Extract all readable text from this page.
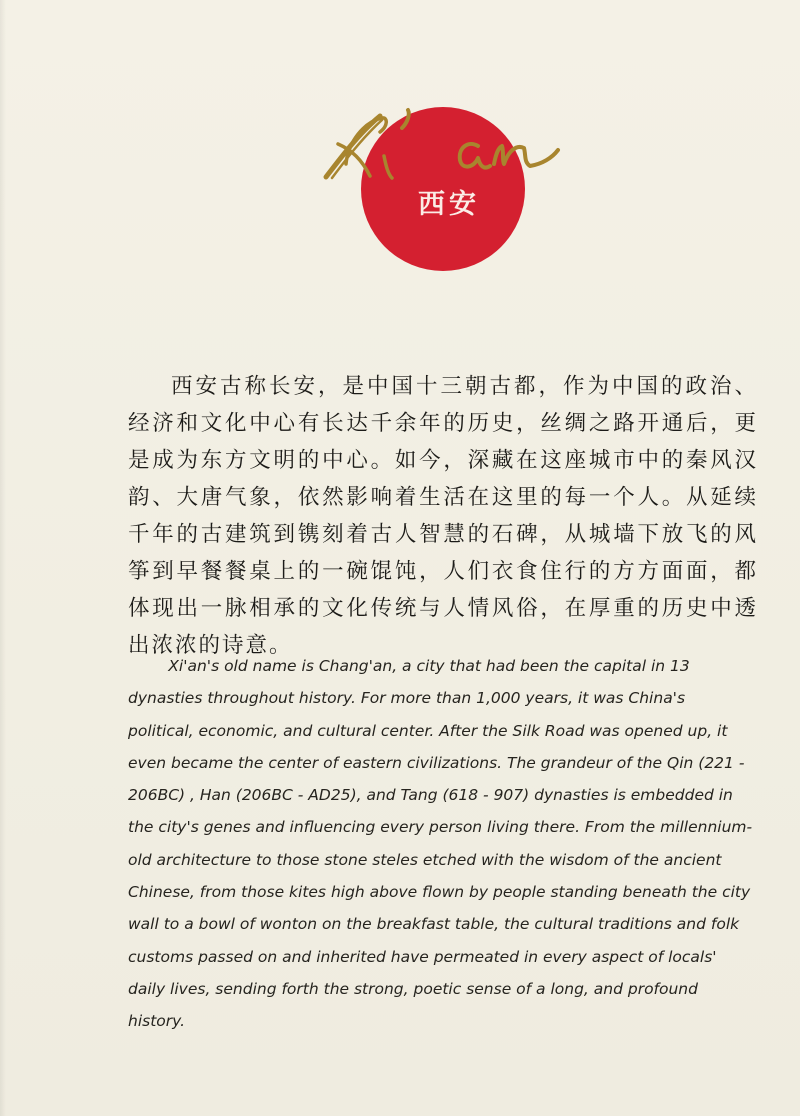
西安

西安古称长安，是中国十三朝古都，作为中国的政治、经济和文化中心有长达千余年的历史，丝绸之路开通后，更是成为东方文明的中心。如今，深藏在这座城市中的秦风汉韵、大唐气象，依然影响着生活在这里的每一个人。从延续千年的古建筑到镌刻着古人智慧的石碑，从城墙下放飞的风筝到早餐餐桌上的一碗馄饨，人们衣食住行的方方面面，都体现出一脉相承的文化传统与人情风俗，在厚重的历史中透出浓浓的诗意。

Xi'an's old name is Chang'an, a city that had been the capital in 13 dynasties throughout history. For more than 1,000 years, it was China's political, economic, and cultural center. After the Silk Road was opened up, it even became the center of eastern civilizations. The grandeur of the Qin (221 - 206BC) , Han (206BC - AD25), and Tang (618 - 907) dynasties is embedded in the city's genes and influencing every person living there. From the millennium-old architecture to those stone steles etched with the wisdom of the ancient Chinese, from those kites high above flown by people standing beneath the city wall to a bowl of wonton on the breakfast table, the cultural traditions and folk customs passed on and inherited have permeated in every aspect of locals' daily lives, sending forth the strong, poetic sense of a long, and profound history.
